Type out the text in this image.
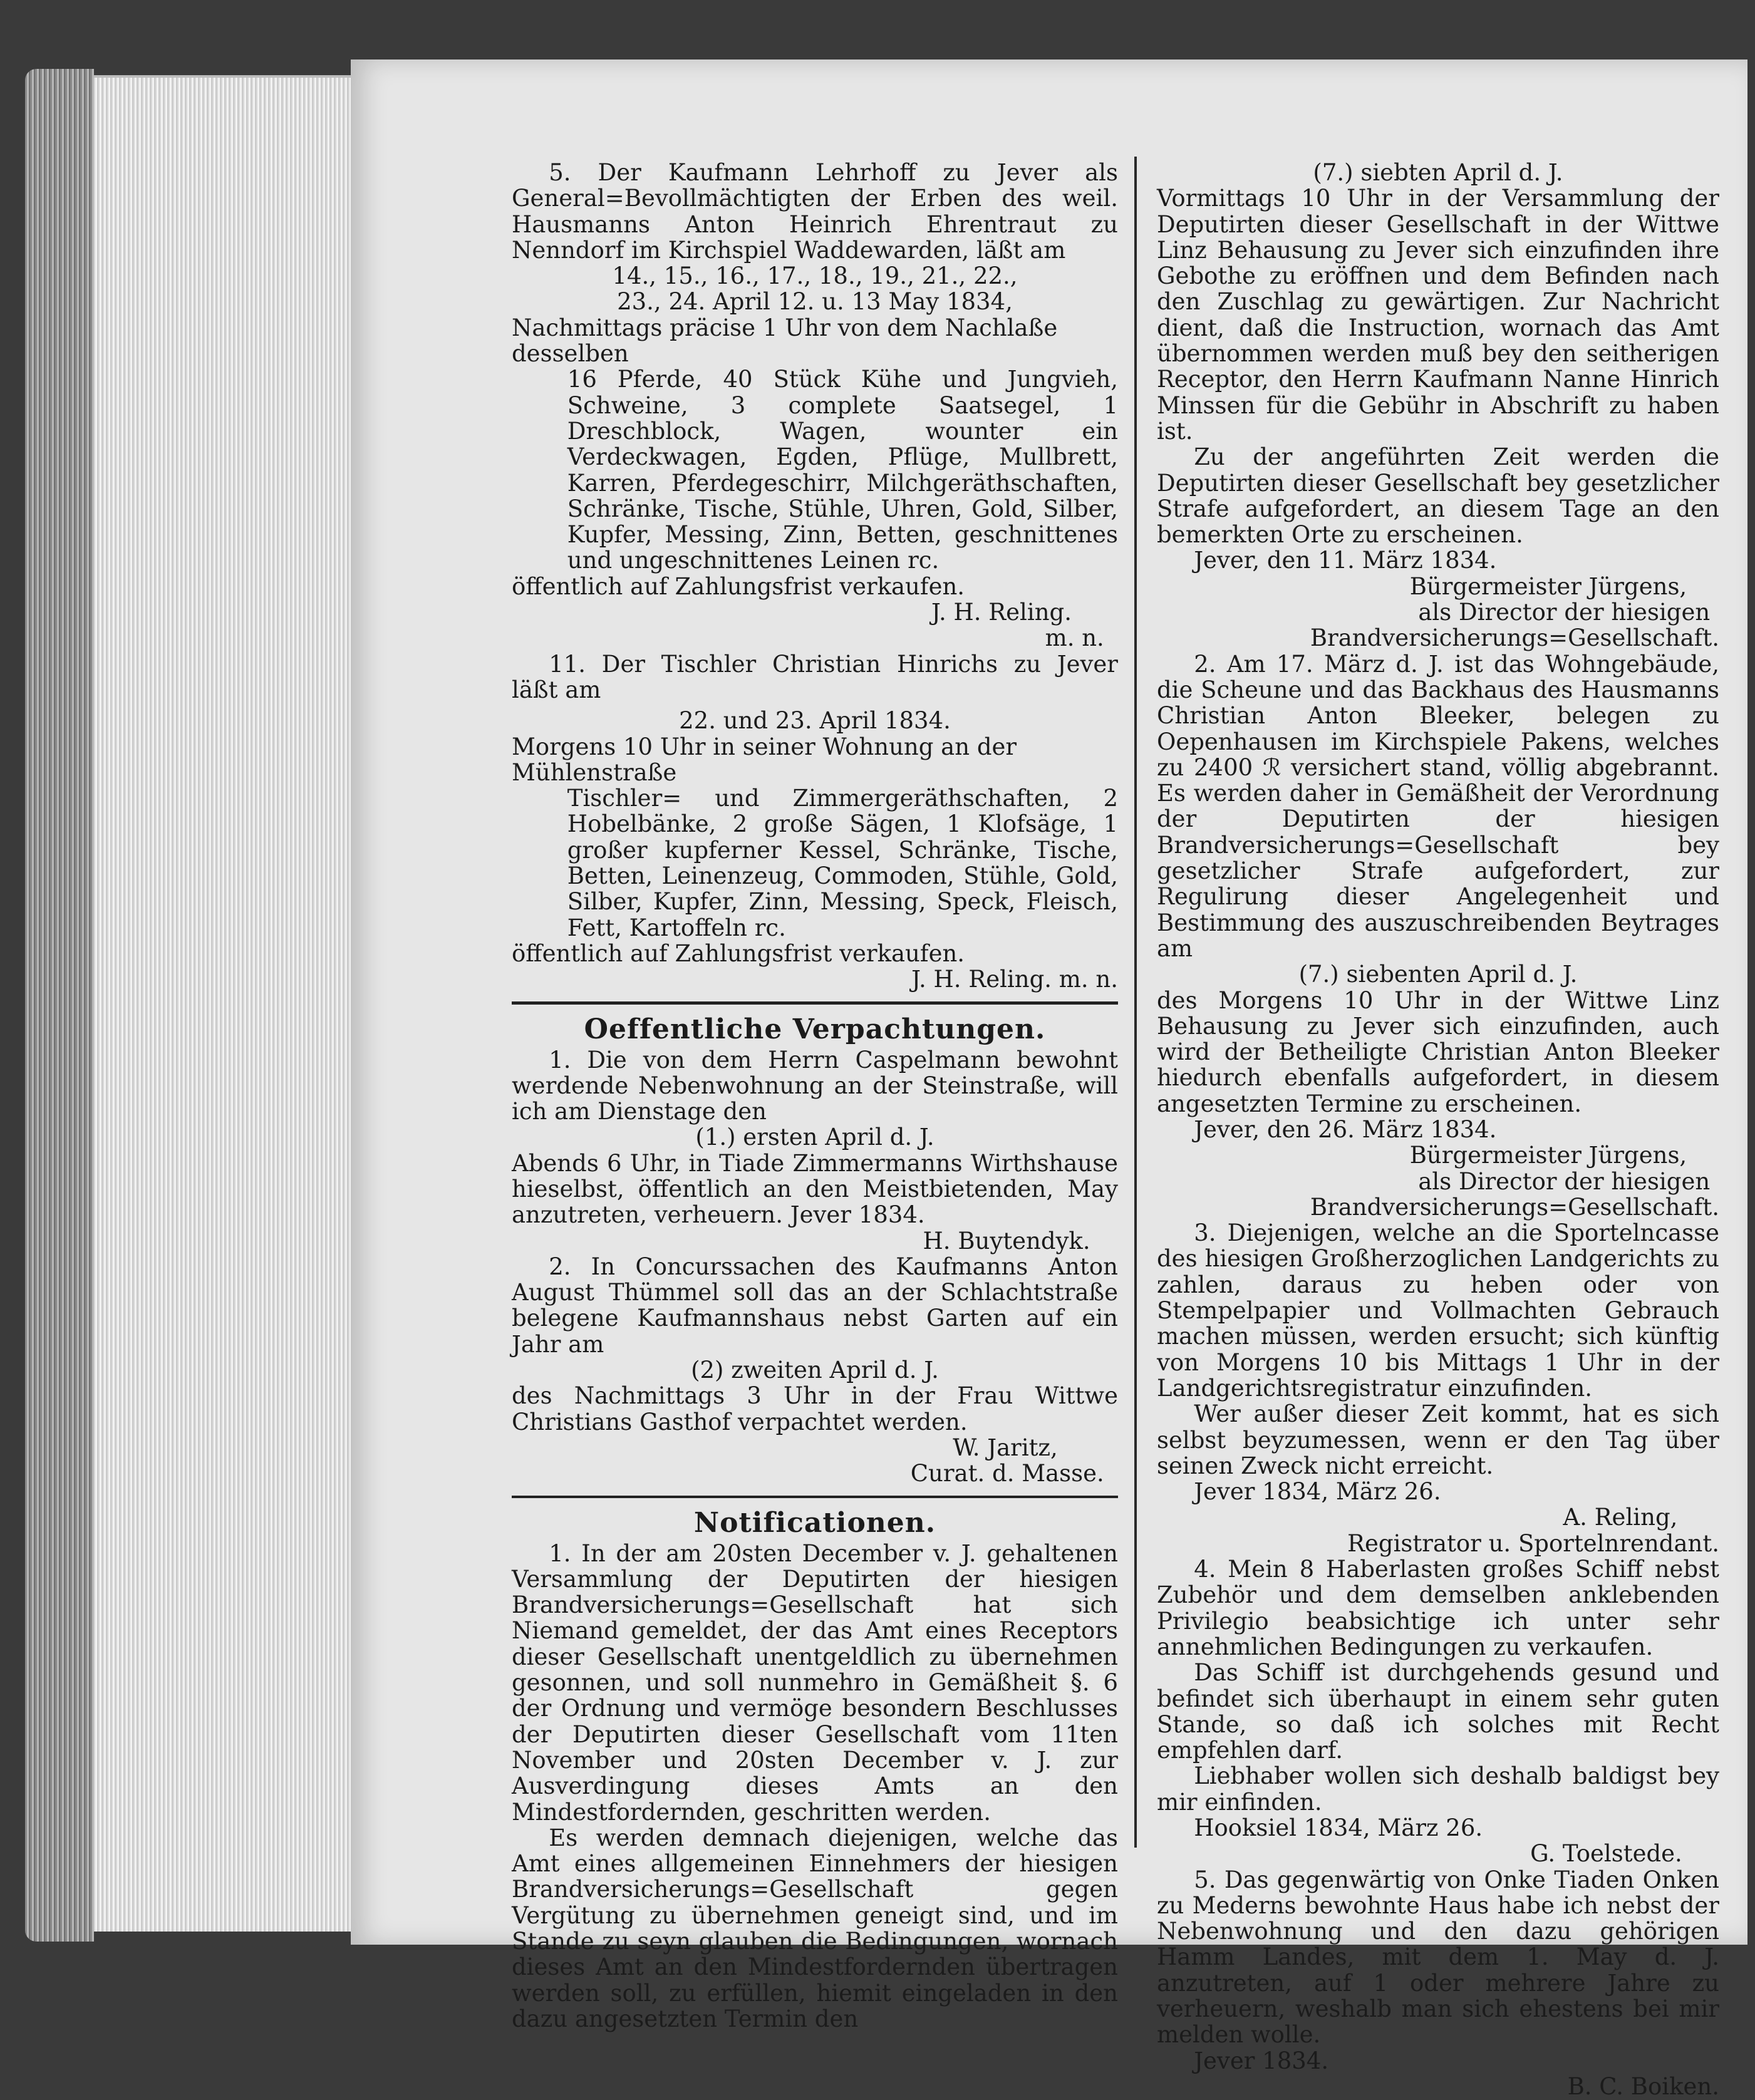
5. Der Kaufmann Lehrhoff zu Jever als General=Bevollmächtigten der Erben des weil. Hausmanns Anton Heinrich Ehrentraut zu Nenndorf im Kirchspiel Waddewarden, läßt am

14., 15., 16., 17., 18., 19., 21., 22.,

23., 24. April 12. u. 13 May 1834,

Nachmittags präcise 1 Uhr von dem Nachlaße desselben

16 Pferde, 40 Stück Kühe und Jungvieh, Schweine, 3 complete Saatsegel, 1 Dreschblock, Wagen, wounter ein Verdeckwagen, Egden, Pflüge, Mullbrett, Karren, Pferdegeschirr, Milchgeräthschaften, Schränke, Tische, Stühle, Uhren, Gold, Silber, Kupfer, Messing, Zinn, Betten, geschnittenes und ungeschnittenes Leinen rc.

öffentlich auf Zahlungsfrist verkaufen.

J. H. Reling.

m. n.

11. Der Tischler Christian Hinrichs zu Jever läßt am

22. und 23. April 1834.

Morgens 10 Uhr in seiner Wohnung an der Mühlenstraße

Tischler= und Zimmergeräthschaften, 2 Hobelbänke, 2 große Sägen, 1 Klofsäge, 1 großer kupferner Kessel, Schränke, Tische, Betten, Leinenzeug, Commoden, Stühle, Gold, Silber, Kupfer, Zinn, Messing, Speck, Fleisch, Fett, Kartoffeln rc.

öffentlich auf Zahlungsfrist verkaufen.

J. H. Reling. m. n.

Oeffentliche Verpachtungen.

1. Die von dem Herrn Caspelmann bewohnt werdende Nebenwohnung an der Steinstraße, will ich am Dienstage den

(1.) ersten April d. J.

Abends 6 Uhr, in Tiade Zimmermanns Wirthshause hieselbst, öffentlich an den Meistbietenden, May anzutreten, verheuern. Jever 1834.

H. Buytendyk.

2. In Concurssachen des Kaufmanns Anton August Thümmel soll das an der Schlachtstraße belegene Kaufmannshaus nebst Garten auf ein Jahr am

(2) zweiten April d. J.

des Nachmittags 3 Uhr in der Frau Wittwe Christians Gasthof verpachtet werden.

W. Jaritz,

Curat. d. Masse.

Notificationen.

1. In der am 20sten December v. J. gehaltenen Versammlung der Deputirten der hiesigen Brandversicherungs=Gesellschaft hat sich Niemand gemeldet, der das Amt eines Receptors dieser Gesellschaft unentgeldlich zu übernehmen gesonnen, und soll nunmehro in Gemäßheit §. 6 der Ordnung und vermöge besondern Beschlusses der Deputirten dieser Gesellschaft vom 11ten November und 20sten December v. J. zur Ausverdingung dieses Amts an den Mindestfordernden, geschritten werden.

Es werden demnach diejenigen, welche das Amt eines allgemeinen Einnehmers der hiesigen Brandversicherungs=Gesellschaft gegen Vergütung zu übernehmen geneigt sind, und im Stande zu seyn glauben die Bedingungen, wornach dieses Amt an den Mindestfordernden übertragen werden soll, zu erfüllen, hiemit eingeladen in den dazu angesetzten Termin den

(7.) siebten April d. J.

Vormittags 10 Uhr in der Versammlung der Deputirten dieser Gesellschaft in der Wittwe Linz Behausung zu Jever sich einzufinden ihre Gebothe zu eröffnen und dem Befinden nach den Zuschlag zu gewärtigen. Zur Nachricht dient, daß die Instruction, wornach das Amt übernommen werden muß bey den seitherigen Receptor, den Herrn Kaufmann Nanne Hinrich Minssen für die Gebühr in Abschrift zu haben ist.

Zu der angeführten Zeit werden die Deputirten dieser Gesellschaft bey gesetzlicher Strafe aufgefordert, an diesem Tage an den bemerkten Orte zu erscheinen.

Jever, den 11. März 1834.

Bürgermeister Jürgens,

als Director der hiesigen

Brandversicherungs=Gesellschaft.

2. Am 17. März d. J. ist das Wohngebäude, die Scheune und das Backhaus des Hausmanns Christian Anton Bleeker, belegen zu Oepenhausen im Kirchspiele Pakens, welches zu 2400 ℛ versichert stand, völlig abgebrannt. Es werden daher in Gemäßheit der Verordnung der Deputirten der hiesigen Brandversicherungs=Gesellschaft bey gesetzlicher Strafe aufgefordert, zur Regulirung dieser Angelegenheit und Bestimmung des auszuschreibenden Beytrages am

(7.) siebenten April d. J.

des Morgens 10 Uhr in der Wittwe Linz Behausung zu Jever sich einzufinden, auch wird der Betheiligte Christian Anton Bleeker hiedurch ebenfalls aufgefordert, in diesem angesetzten Termine zu erscheinen.

Jever, den 26. März 1834.

Bürgermeister Jürgens,

als Director der hiesigen

Brandversicherungs=Gesellschaft.

3. Diejenigen, welche an die Sportelncasse des hiesigen Großherzoglichen Landgerichts zu zahlen, daraus zu heben oder von Stempelpapier und Vollmachten Gebrauch machen müssen, werden ersucht; sich künftig von Morgens 10 bis Mittags 1 Uhr in der Landgerichtsregistratur einzufinden.

Wer außer dieser Zeit kommt, hat es sich selbst beyzumessen, wenn er den Tag über seinen Zweck nicht erreicht.

Jever 1834, März 26.

A. Reling,

Registrator u. Sportelnrendant.

4. Mein 8 Haberlasten großes Schiff nebst Zubehör und dem demselben anklebenden Privilegio beabsichtige ich unter sehr annehmlichen Bedingungen zu verkaufen.

Das Schiff ist durchgehends gesund und befindet sich überhaupt in einem sehr guten Stande, so daß ich solches mit Recht empfehlen darf.

Liebhaber wollen sich deshalb baldigst bey mir einfinden.

Hooksiel 1834, März 26.

G. Toelstede.

5. Das gegenwärtig von Onke Tiaden Onken zu Mederns bewohnte Haus habe ich nebst der Nebenwohnung und den dazu gehörigen Hamm Landes, mit dem 1. May d. J. anzutreten, auf 1 oder mehrere Jahre zu verheuern, weshalb man sich ehestens bei mir melden wolle.

Jever 1834.

B. C. Boiken.
